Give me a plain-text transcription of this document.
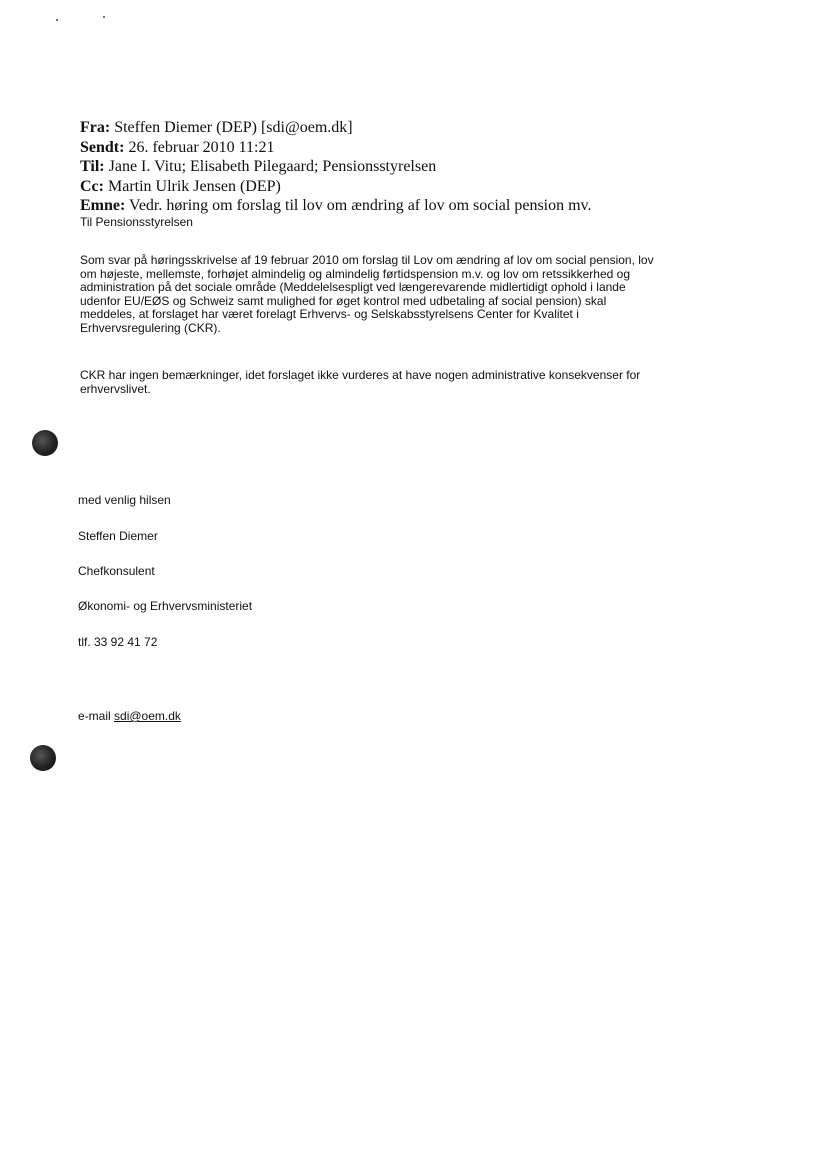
Fra: Steffen Diemer (DEP) [sdi@oem.dk]
Sendt: 26. februar 2010 11:21
Til: Jane I. Vitu; Elisabeth Pilegaard; Pensionsstyrelsen
Cc: Martin Ulrik Jensen (DEP)
Emne: Vedr. høring om forslag til lov om ændring af lov om social pension mv.
Til Pensionsstyrelsen
Som svar på høringsskrivelse af 19 februar 2010 om forslag til Lov om ændring af lov om social pension, lov
om højeste, mellemste, forhøjet almindelig og almindelig førtidspension m.v. og lov om retssikkerhed og
administration på det sociale område (Meddelelsespligt ved længerevarende midlertidigt ophold i lande
udenfor EU/EØS og Schweiz samt mulighed for øget kontrol med udbetaling af social pension) skal
meddeles, at forslaget har været forelagt Erhvervs- og Selskabsstyrelsens Center for Kvalitet i
Erhvervsregulering (CKR).
CKR har ingen bemærkninger, idet forslaget ikke vurderes at have nogen administrative konsekvenser for
erhvervslivet.
med venlig hilsen
Steffen Diemer
Chefkonsulent
Økonomi- og Erhvervsministeriet
tlf. 33 92 41 72
e-mail sdi@oem.dk
